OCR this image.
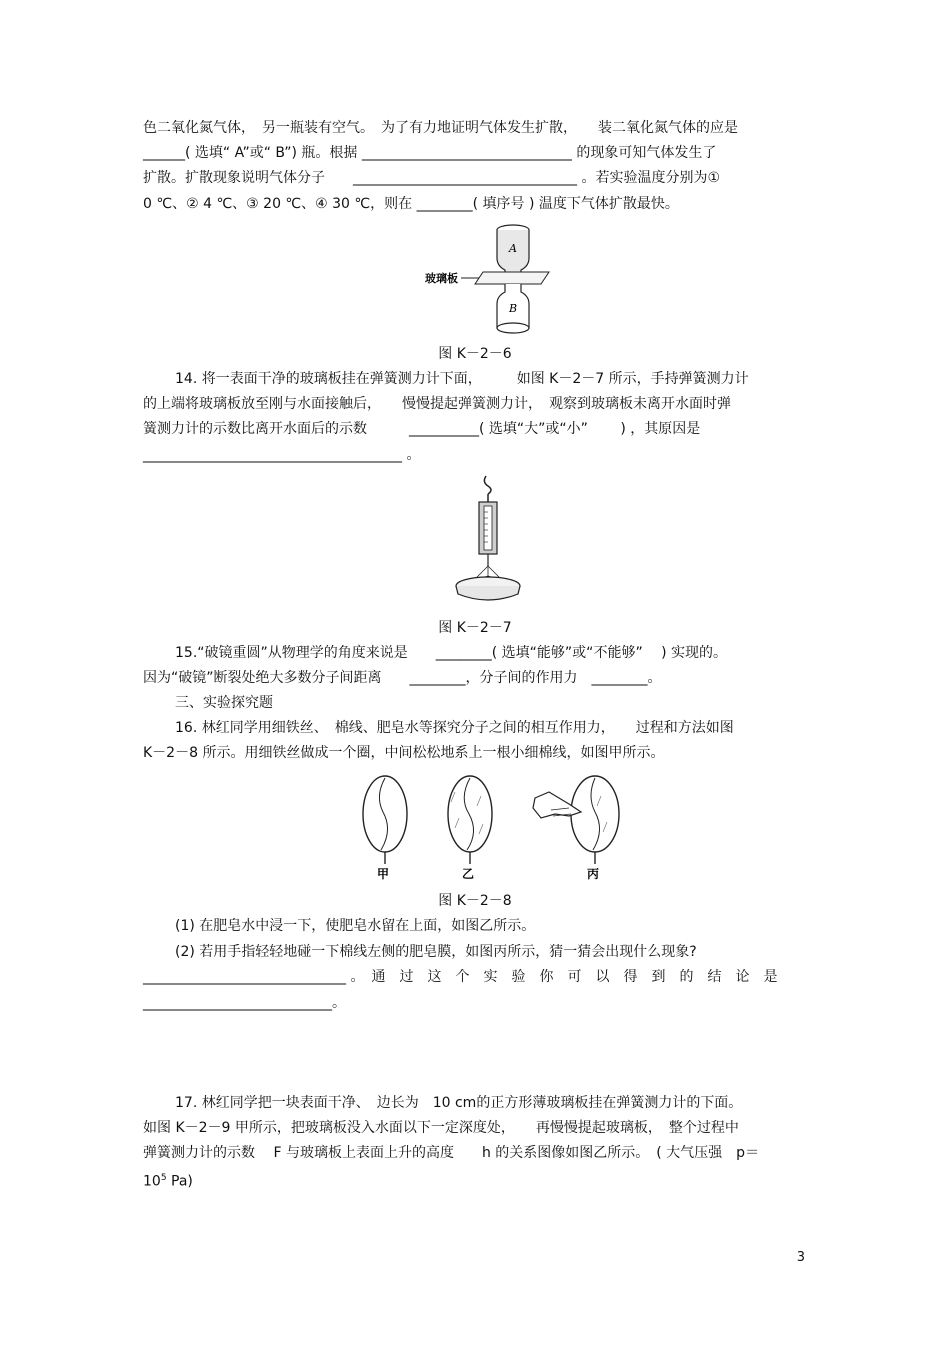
色二氧化氮气体，　另一瓶装有空气。　为了有力地证明气体发生扩散，　　装二氧化氮气体的应是
______( 选填“ A”或“ B”) 瓶。根据 ______________________________ 的现象可知气体发生了
扩散。扩散现象说明气体分子　　________________________________ 。若实验温度分别为①
0 ℃、② 4 ℃、③ 20 ℃、④ 30 ℃，则在 ________( 填序号 ) 温度下气体扩散最快。
A
B
玻璃板
图 K－2－6
14. 将一表面干净的玻璃板挂在弹簧测力计下面，　　　如图 K－2－7 所示，手持弹簧测力计
的上端将玻璃板放至刚与水面接触后，　　慢慢提起弹簧测力计，　观察到玻璃板未离开水面时弹
簧测力计的示数比离开水面后的示数　　　__________( 选填“大”或“小”　　 ) ，其原因是
_____________________________________ 。
图 K－2－7
15.“破镜重圆”从物理学的角度来说是　　________( 选填“能够”或“不能够”　 ) 实现的。
因为“破镜”断裂处绝大多数分子间距离　　________，分子间的作用力　________。
三、实验探究题
16. 林红同学用细铁丝、　棉线、肥皂水等探究分子之间的相互作用力，　　过程和方法如图
K－2－8 所示。用细铁丝做成一个圈，中间松松地系上一根小细棉线，如图甲所示。
甲	乙	丙
图 K－2－8
(1) 在肥皂水中浸一下，使肥皂水留在上面，如图乙所示。
(2) 若用手指轻轻地碰一下棉线左侧的肥皂膜，如图丙所示，猜一猜会出现什么现象?
_____________________________ 。　通　过　这　个　实　验　你　可　以　得　到　的　结　论　是
___________________________。
17. 林红同学把一块表面干净、　边长为　10 cm的正方形薄玻璃板挂在弹簧测力计的下面。
如图 K－2－9 甲所示，把玻璃板没入水面以下一定深度处，　　再慢慢提起玻璃板，　整个过程中
弹簧测力计的示数　 F 与玻璃板上表面上升的高度　　h 的关系图像如图乙所示。　( 大气压强　p＝
$10^5$ Pa)
3
